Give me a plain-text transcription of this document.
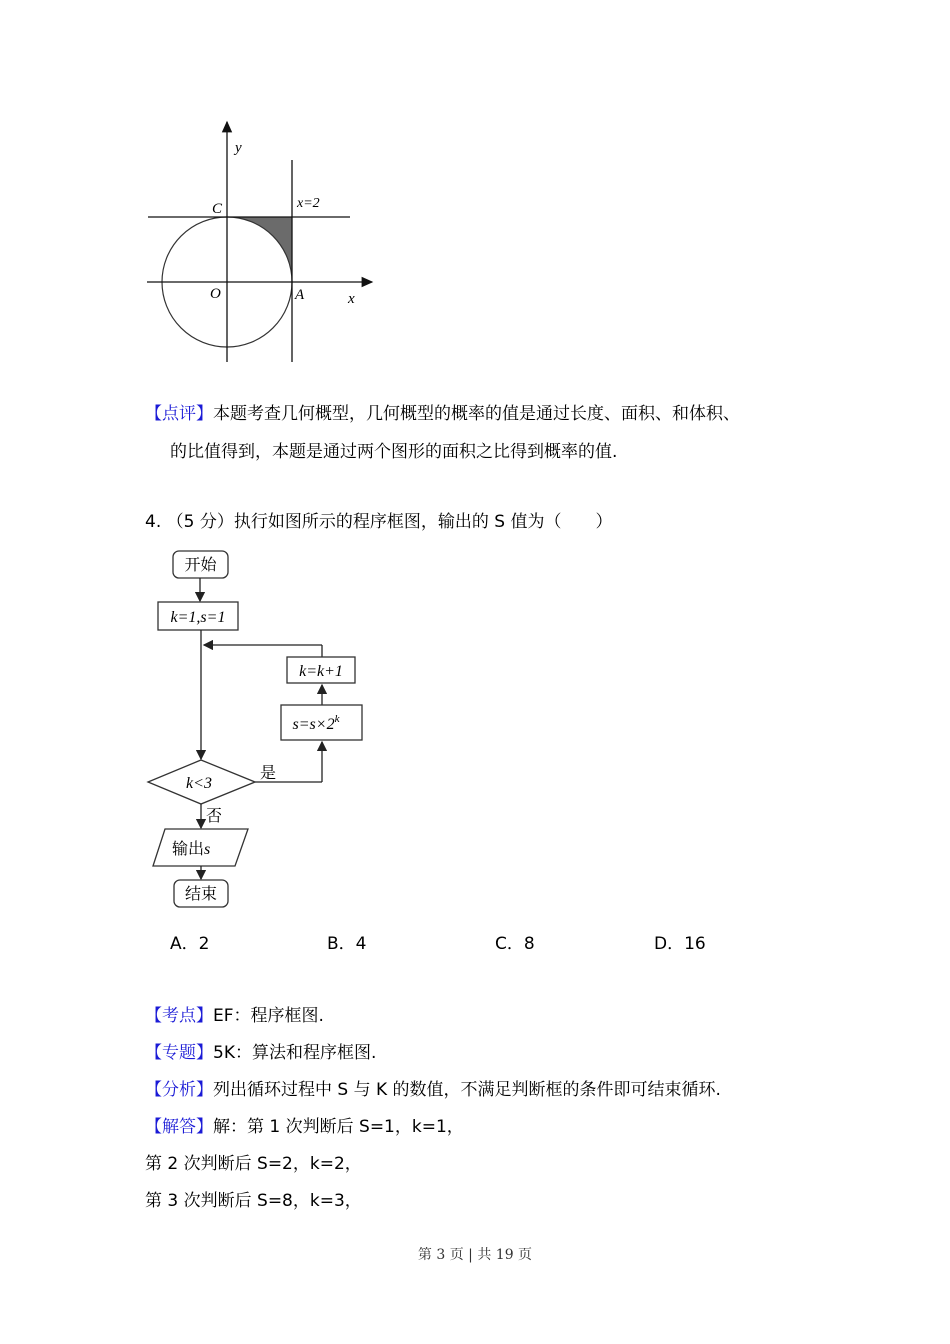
y
x
O	A
C	x=2
【点评】本题考查几何概型，几何概型的概率的值是通过长度、面积、和体积、
的比值得到，本题是通过两个图形的面积之比得到概率的值.
4. （5 分）执行如图所示的程序框图，输出的 S 值为（　　）
开始
k=1,s=1
k=k+1
$s=s\times 2^k$
k<3
是
否
输出s
结束
A．2	B．4	C．8	D．16
【考点】EF：程序框图.
【专题】5K：算法和程序框图.
【分析】列出循环过程中 S 与 K 的数值，不满足判断框的条件即可结束循环.
【解答】解：第 1 次判断后 S=1，k=1，
第 2 次判断后 S=2，k=2，
第 3 次判断后 S=8，k=3，
第 3 页 | 共 19 页
